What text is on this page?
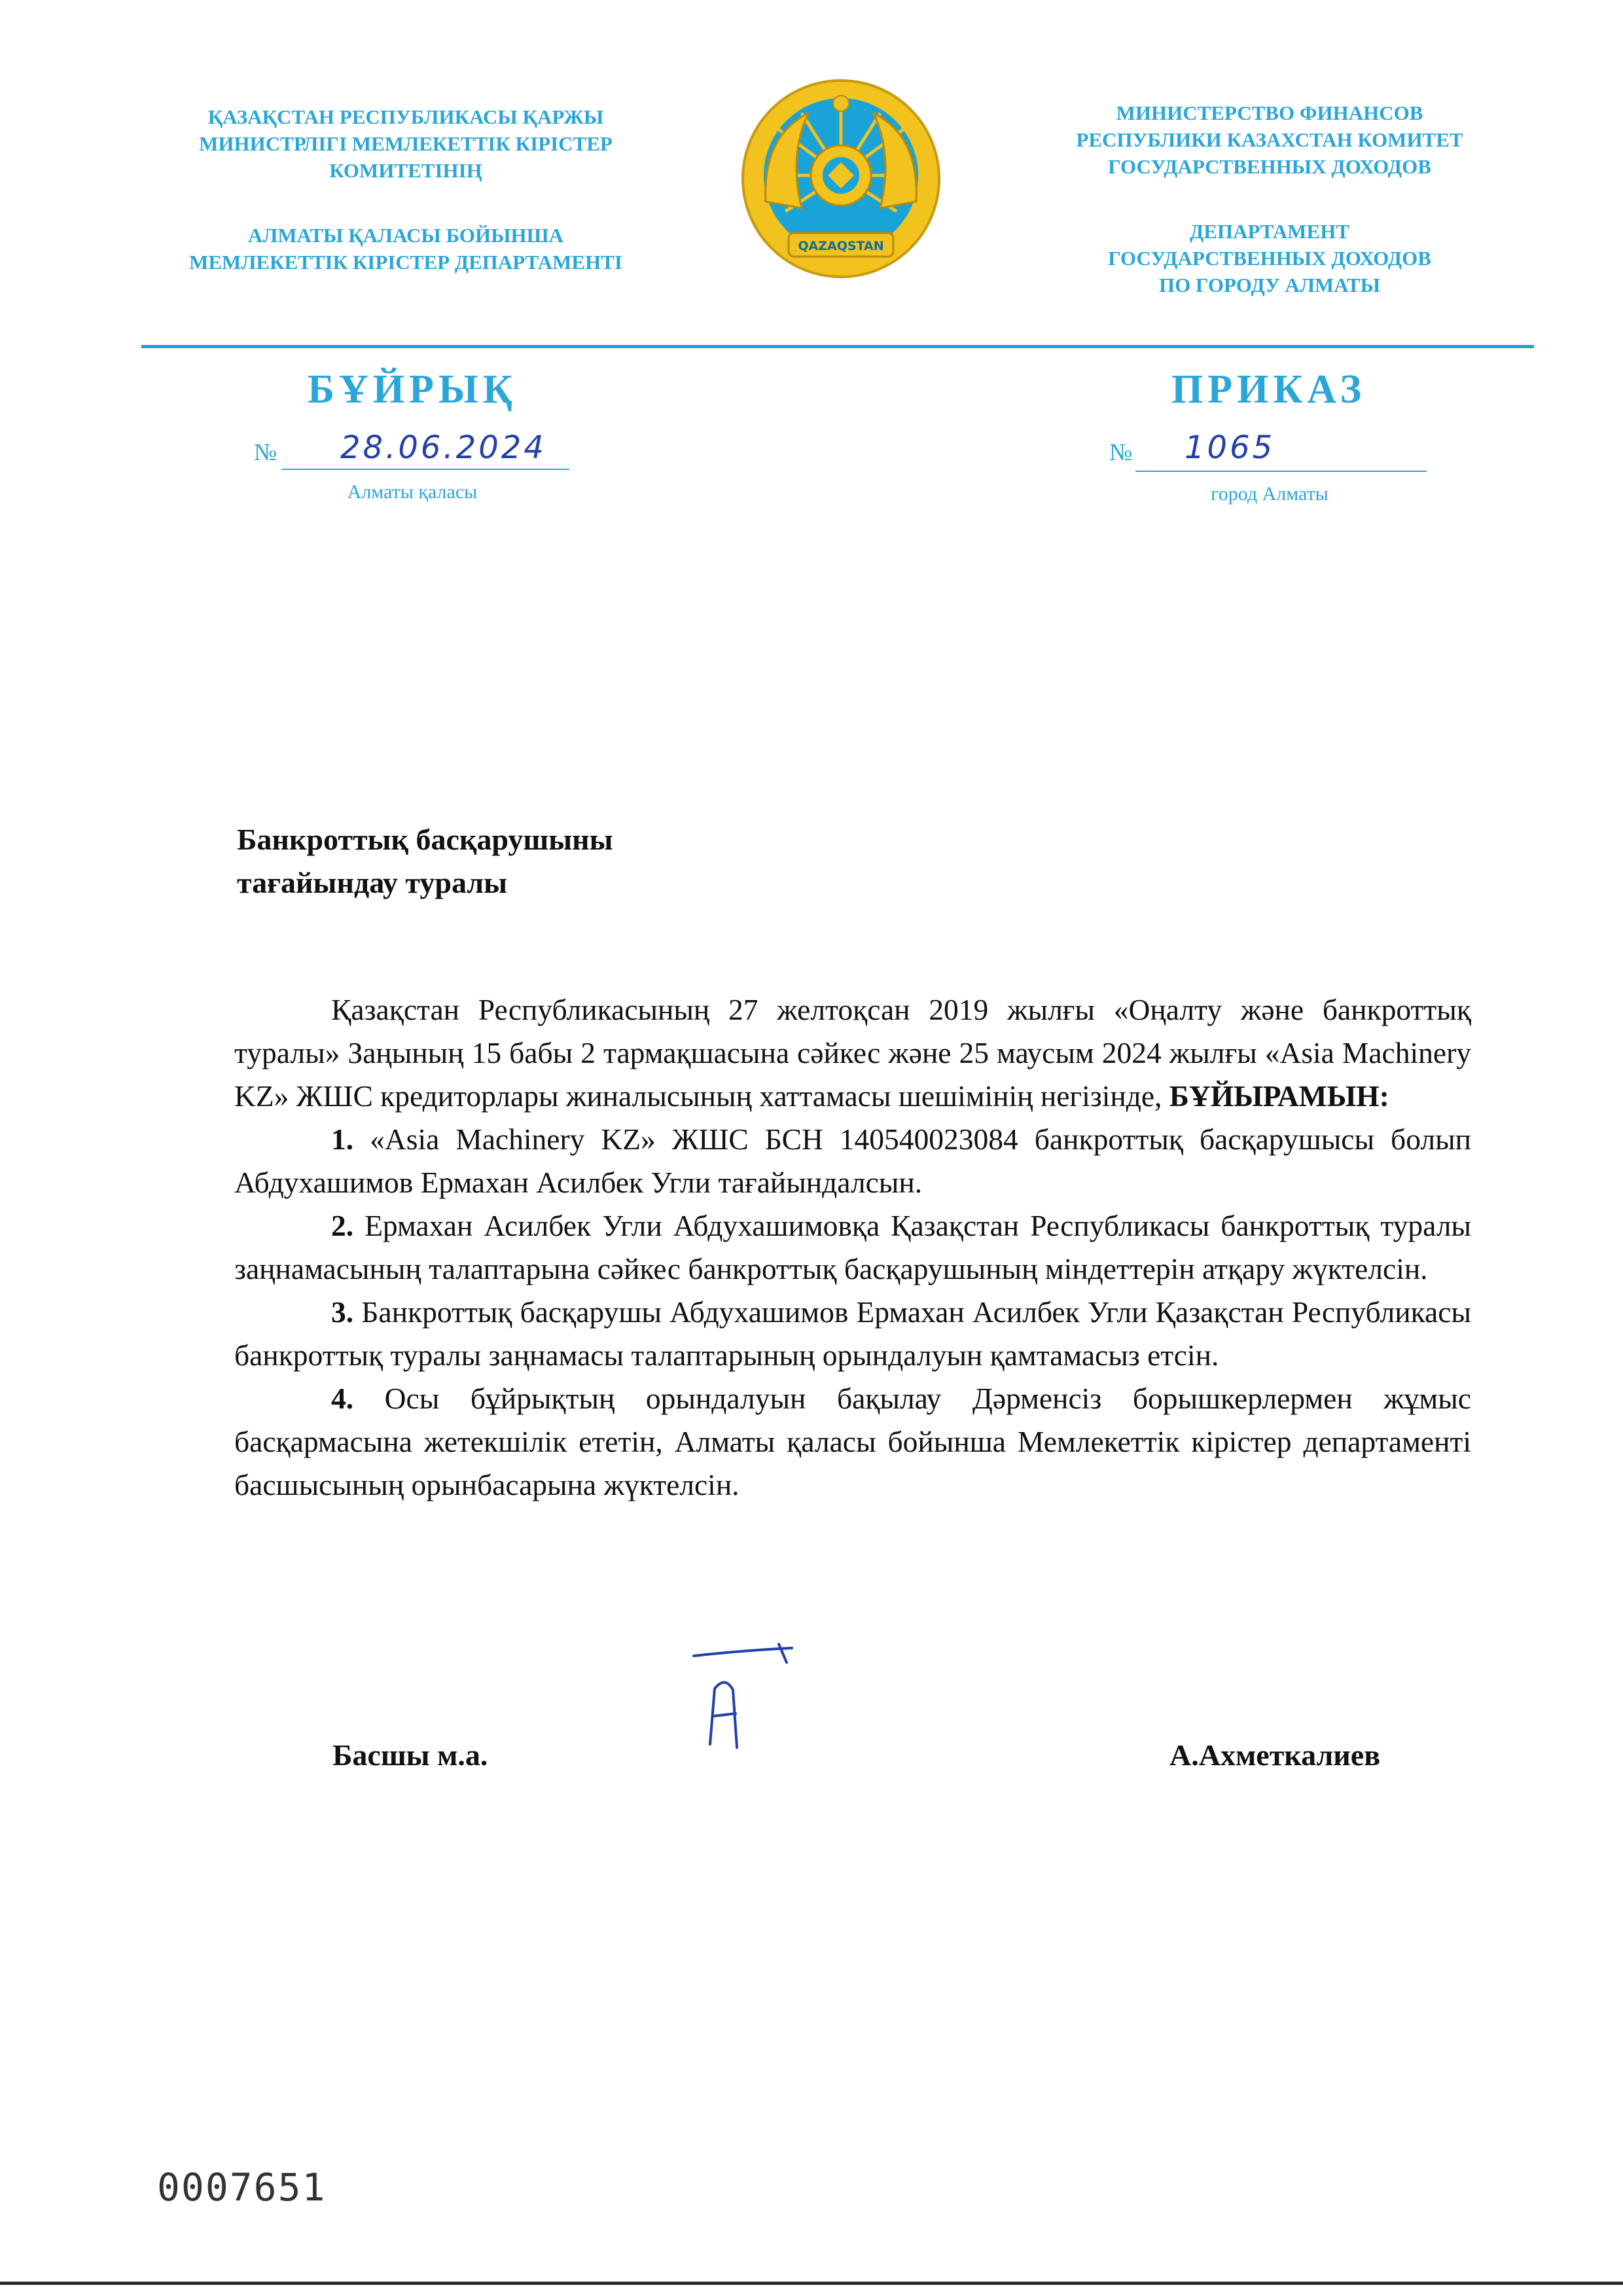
ҚАЗАҚСТАН РЕСПУБЛИКАСЫ ҚАРЖЫ
МИНИСТРЛІГІ МЕМЛЕКЕТТІК КІРІСТЕР
КОМИТЕТІНІҢ
АЛМАТЫ ҚАЛАСЫ БОЙЫНША
МЕМЛЕКЕТТІК КІРІСТЕР ДЕПАРТАМЕНТІ
QAZAQSTAN
МИНИСТЕРСТВО ФИНАНСОВ
РЕСПУБЛИКИ КАЗАХСТАН КОМИТЕТ
ГОСУДАРСТВЕННЫХ ДОХОДОВ
ДЕПАРТАМЕНТ
ГОСУДАРСТВЕННЫХ ДОХОДОВ
ПО ГОРОДУ АЛМАТЫ
БҰЙРЫҚ	ПРИКАЗ
№ 28.06.2024
Алматы қаласы
№ 1065
город Алматы
Банкроттық басқарушыны
тағайындау туралы

Қазақстан Республикасының 27 желтоқсан 2019 жылғы «Оңалту және банкроттық туралы» Заңының 15 бабы 2 тармақшасына сәйкес және 25 маусым 2024 жылғы «Asia Machinery KZ» ЖШС кредиторлары жиналысының хаттамасы шешімінің негізінде, БҰЙЫРАМЫН:

1. «Asia Machinery KZ» ЖШС БСН 140540023084 банкроттық басқарушысы болып Абдухашимов Ермахан Асилбек Угли тағайындалсын.

2. Ермахан Асилбек Угли Абдухашимовқа Қазақстан Республикасы банкроттық туралы заңнамасының талаптарына сәйкес банкроттық басқарушының міндеттерін атқару жүктелсін.

3. Банкроттық басқарушы Абдухашимов Ермахан Асилбек Угли Қазақстан Республикасы банкроттық туралы заңнамасы талаптарының орындалуын қамтамасыз етсін.

4. Осы бұйрықтың орындалуын бақылау Дәрменсіз борышкерлермен жұмыс басқармасына жетекшілік ететін, Алматы қаласы бойынша Мемлекеттік кірістер департаменті басшысының орынбасарына жүктелсін.

Басшы м.а.	А.Ахметкалиев
0007651
